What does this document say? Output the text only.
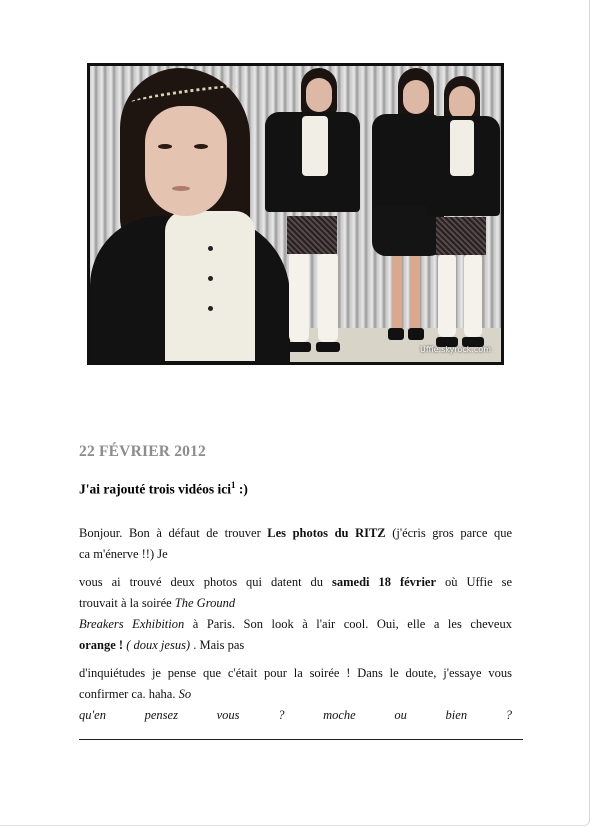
Uffie.skyrock.com
22 FÉVRIER 2012
J'ai rajouté trois vidéos ici$^1$ :)
Bonjour. Bon à défaut de trouver Les photos du RITZ (j'écris gros parce que
ca m'énerve !!) Je
vous ai trouvé deux photos qui datent du samedi 18 février où Uffie se
trouvait à la soirée The Ground
Breakers Exhibition à Paris. Son look à l'air cool. Oui, elle a les cheveux
orange ! ( doux jesus) . Mais pas
d'inquiétudes je pense que c'était pour la soirée ! Dans le doute, j'essaye vous
confirmer ca. haha. So
qu'en pensez vous ? moche ou bien ?
